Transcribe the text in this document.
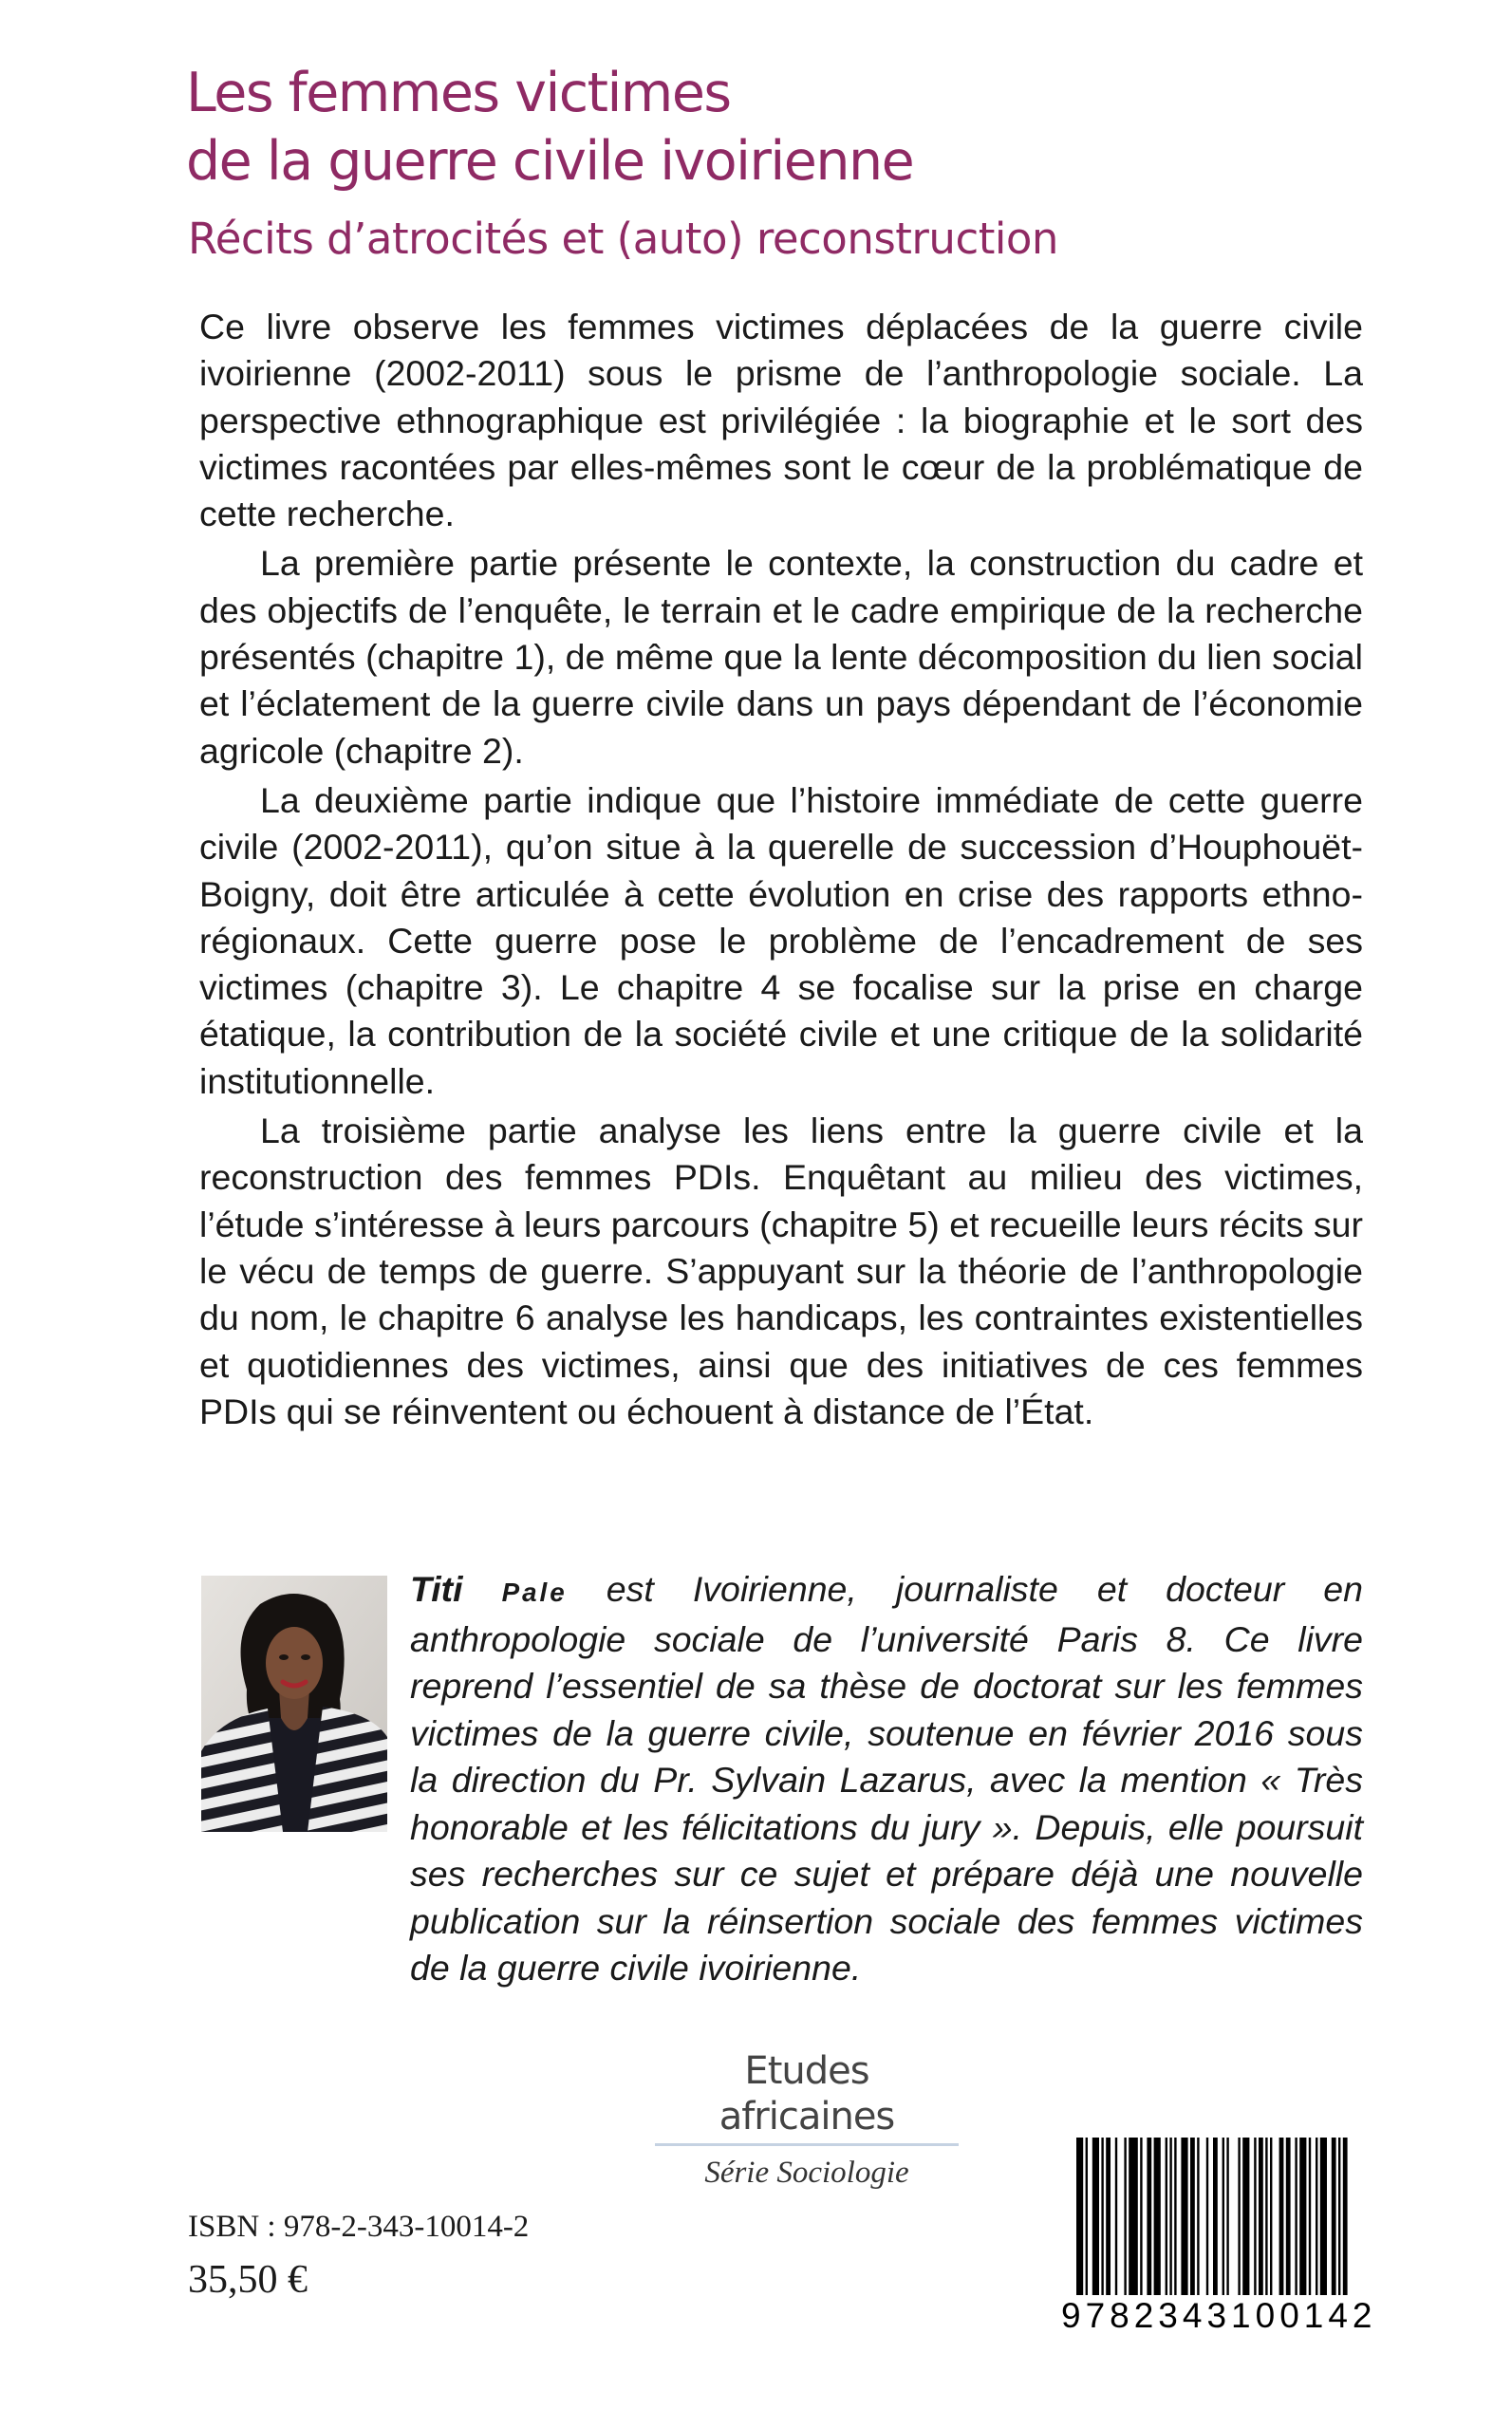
Les femmes victimes
de la guerre civile ivoirienne
Récits d’atrocités et (auto) reconstruction

Ce livre observe les femmes victimes déplacées de la guerre civile ivoirienne (2002-2011) sous le prisme de l’anthropologie sociale. La perspective ethnographique est privilégiée : la biographie et le sort des victimes racontées par elles-mêmes sont le cœur de la problématique de cette recherche.

La première partie présente le contexte, la construction du cadre et des objectifs de l’enquête, le terrain et le cadre empirique de la recherche présentés (chapitre 1), de même que la lente décomposition du lien social et l’éclatement de la guerre civile dans un pays dépendant de l’économie agricole (chapitre 2).

La deuxième partie indique que l’histoire immédiate de cette guerre civile (2002-2011), qu’on situe à la querelle de succession d’Houphouët-Boigny, doit être articulée à cette évolution en crise des rapports ethno-régionaux. Cette guerre pose le problème de l’encadrement de ses victimes (chapitre 3). Le chapitre 4 se focalise sur la prise en charge étatique, la contribution de la société civile et une critique de la solidarité institutionnelle.

La troisième partie analyse les liens entre la guerre civile et la reconstruction des femmes PDIs. Enquêtant au milieu des victimes, l’étude s’intéresse à leurs parcours (chapitre 5) et recueille leurs récits sur le vécu de temps de guerre. S’appuyant sur la théorie de l’anthropologie du nom, le chapitre 6 analyse les handicaps, les contraintes existentielles et quotidiennes des victimes, ainsi que des initiatives de ces femmes PDIs qui se réinventent ou échouent à distance de l’État.

Titi Pale est Ivoirienne, journaliste et docteur en anthropologie sociale de l’université Paris 8. Ce livre reprend l’essentiel de sa thèse de doctorat sur les femmes victimes de la guerre civile, soutenue en février 2016 sous la direction du Pr. Sylvain Lazarus, avec la mention « Très honorable et les félicitations du jury ». Depuis, elle poursuit ses recherches sur ce sujet et prépare déjà une nouvelle publication sur la réinsertion sociale des femmes victimes de la guerre civile ivoirienne.
Etudes africaines
Série Sociologie
ISBN : 978-2-343-10014-2
35,50 €
9782343100142
